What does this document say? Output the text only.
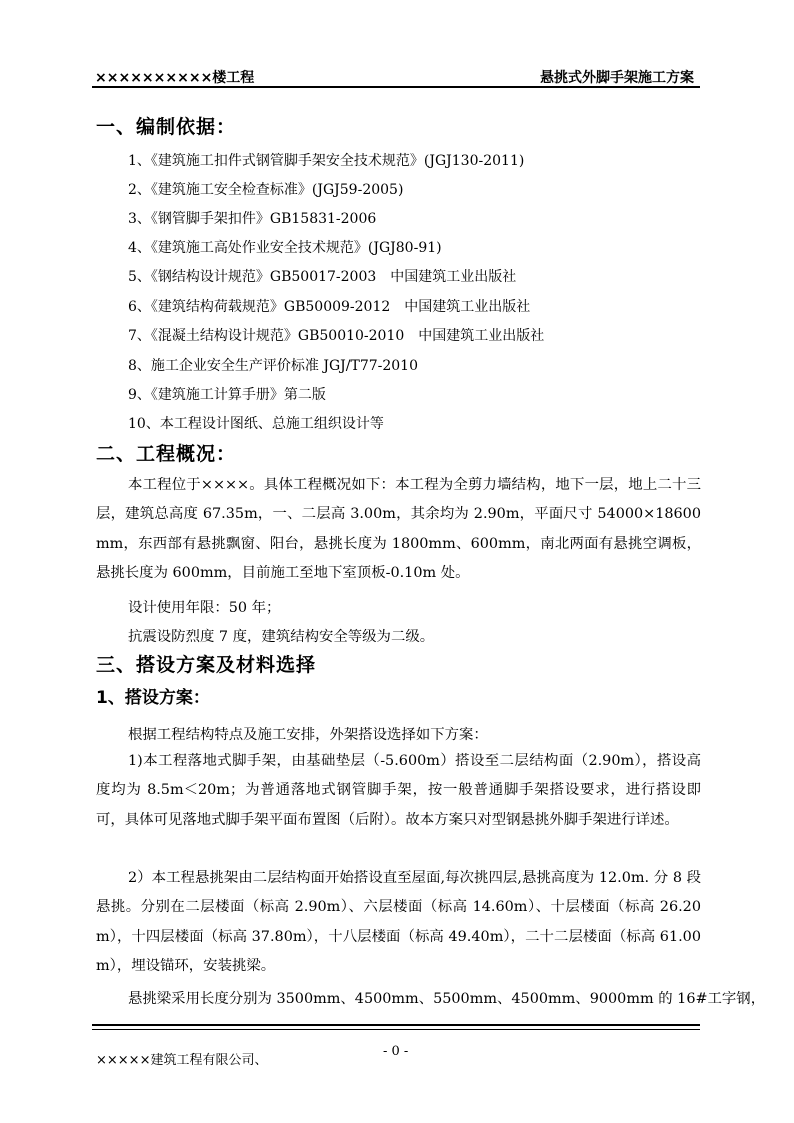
××××××××××楼工程	悬挑式外脚手架施工方案
一、编制依据：
1、《建筑施工扣件式钢管脚手架安全技术规范》(JGJ130-2011)
2、《建筑施工安全检查标准》(JGJ59-2005)
3、《钢管脚手架扣件》GB15831-2006
4、《建筑施工高处作业安全技术规范》(JGJ80-91)
5、《钢结构设计规范》GB50017-2003　中国建筑工业出版社
6、《建筑结构荷载规范》GB50009-2012　中国建筑工业出版社
7、《混凝土结构设计规范》GB50010-2010　中国建筑工业出版社
8、施工企业安全生产评价标准 JGJ/T77-2010
9、《建筑施工计算手册》第二版
10、本工程设计图纸、总施工组织设计等
二、工程概况：
本工程位于××××。具体工程概况如下：本工程为全剪力墙结构，地下一层，地上二十三层，建筑总高度 67.35m，一、二层高 3.00m，其余均为 2.90m，平面尺寸 54000×18600mm，东西部有悬挑飘窗、阳台，悬挑长度为 1800mm、600mm，南北两面有悬挑空调板，悬挑长度为 600mm，目前施工至地下室顶板-0.10m 处。
设计使用年限：50 年；
抗震设防烈度 7 度，建筑结构安全等级为二级。
三、搭设方案及材料选择
1、搭设方案：
根据工程结构特点及施工安排，外架搭设选择如下方案：
1)本工程落地式脚手架，由基础垫层（-5.600m）搭设至二层结构面（2.90m），搭设高度均为 8.5m＜20m；为普通落地式钢管脚手架，按一般普通脚手架搭设要求，进行搭设即可，具体可见落地式脚手架平面布置图（后附）。故本方案只对型钢悬挑外脚手架进行详述。
2）本工程悬挑架由二层结构面开始搭设直至屋面,每次挑四层,悬挑高度为 12.0m. 分 8 段悬挑。分别在二层楼面（标高 2.90m）、六层楼面（标高 14.60m）、十层楼面（标高 26.20m），十四层楼面（标高 37.80m），十八层楼面（标高 49.40m），二十二层楼面（标高 61.00m），埋设锚环，安装挑梁。
悬挑梁采用长度分别为 3500mm、4500mm、5500mm、4500mm、9000mm 的 16#工字钢，
×××××建筑工程有限公司、
- 0 -
